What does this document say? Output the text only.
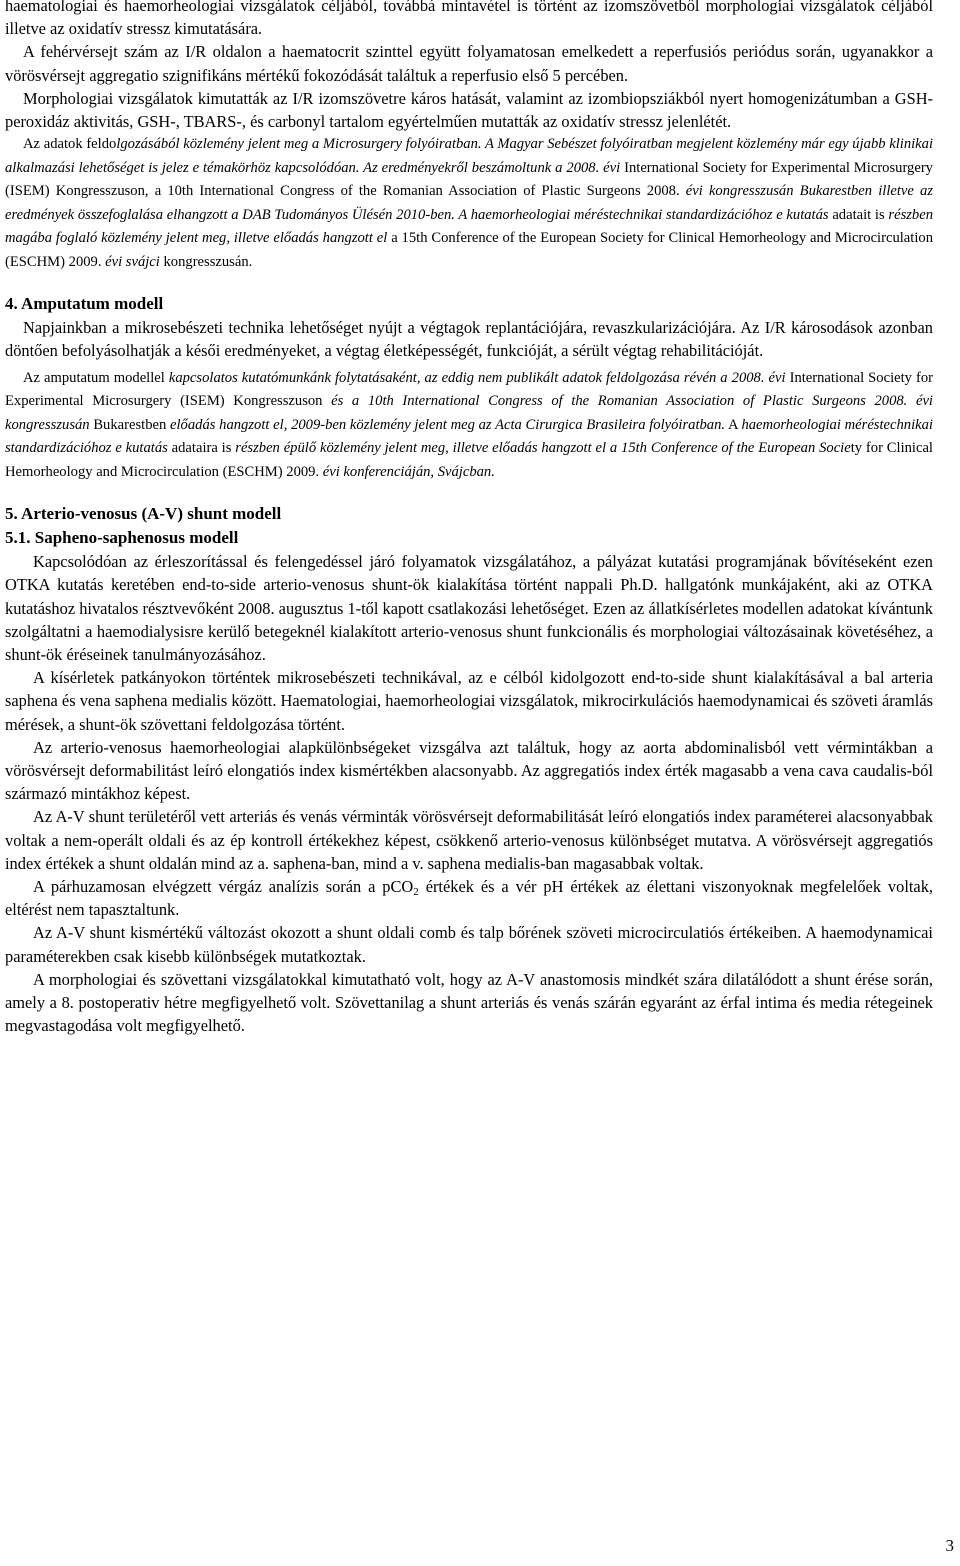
haematologiai és haemorheologiai vizsgálatok céljából, továbbá mintavétel is történt az izomszövetből morphologiai vizsgálatok céljából illetve az oxidatív stressz kimutatására.

A fehérvérsejt szám az I/R oldalon a haematocrit szinttel együtt folyamatosan emelkedett a reperfusiós periódus során, ugyanakkor a vörösvérsejt aggregatio szignifikáns mértékű fokozódását találtuk a reperfusio első 5 percében.

Morphologiai vizsgálatok kimutatták az I/R izomszövetre káros hatását, valamint az izombiopsziákból nyert homogenizátumban a GSH-peroxidáz aktivitás, GSH-, TBARS-, és carbonyl tartalom egyértelműen mutatták az oxidatív stressz jelenlétét.

Az adatok feldolgozásából közlemény jelent meg a Microsurgery folyóiratban. A Magyar Sebészet folyóiratban megjelent közlemény már egy újabb klinikai alkalmazási lehetőséget is jelez e témakörhöz kapcsolódóan. Az eredményekről beszámoltunk a 2008. évi International Society for Experimental Microsurgery (ISEM) Kongresszuson, a 10th International Congress of the Romanian Association of Plastic Surgeons 2008. évi kongresszusán Bukarestben illetve az eredmények összefoglalása elhangzott a DAB Tudományos Ülésén 2010-ben. A haemorheologiai méréstechnikai standardizációhoz e kutatás adatait is részben magába foglaló közlemény jelent meg, illetve előadás hangzott el a 15th Conference of the European Society for Clinical Hemorheology and Microcirculation (ESCHM) 2009. évi svájci kongresszusán.

4. Amputatum modell

Napjainkban a mikrosebészeti technika lehetőséget nyújt a végtagok replantációjára, revaszkularizációjára. Az I/R károsodások azonban döntően befolyásolhatják a késői eredményeket, a végtag életképességét, funkcióját, a sérült végtag rehabilitációját.

Az amputatum modellel kapcsolatos kutatómunkánk folytatásaként, az eddig nem publikált adatok feldolgozása révén a 2008. évi International Society for Experimental Microsurgery (ISEM) Kongresszuson és a 10th International Congress of the Romanian Association of Plastic Surgeons 2008. évi kongresszusán Bukarestben előadás hangzott el, 2009-ben közlemény jelent meg az Acta Cirurgica Brasileira folyóiratban. A haemorheologiai méréstechnikai standardizációhoz e kutatás adataira is részben épülő közlemény jelent meg, illetve előadás hangzott el a 15th Conference of the European Society for Clinical Hemorheology and Microcirculation (ESCHM) 2009. évi konferenciáján, Svájcban.

5. Arterio-venosus (A-V) shunt modell
5.1. Sapheno-saphenosus modell

Kapcsolódóan az érleszorítással és felengedéssel járó folyamatok vizsgálatához, a pályázat kutatási programjának bővítéseként ezen OTKA kutatás keretében end-to-side arterio-venosus shunt-ök kialakítása történt nappali Ph.D. hallgatónk munkájaként, aki az OTKA kutatáshoz hivatalos résztvevőként 2008. augusztus 1-től kapott csatlakozási lehetőséget. Ezen az állatkísérletes modellen adatokat kívántunk szolgáltatni a haemodialysisre kerülő betegeknél kialakított arterio-venosus shunt funkcionális és morphologiai változásainak követéséhez, a shunt-ök éréseinek tanulmányozásához.

A kísérletek patkányokon történtek mikrosebészeti technikával, az e célból kidolgozott end-to-side shunt kialakításával a bal arteria saphena és vena saphena medialis között. Haematologiai, haemorheologiai vizsgálatok, mikrocirkulációs haemodynamicai és szöveti áramlás mérések, a shunt-ök szövettani feldolgozása történt.

Az arterio-venosus haemorheologiai alapkülönbségeket vizsgálva azt találtuk, hogy az aorta abdominalisból vett vérmintákban a vörösvérsejt deformabilitást leíró elongatiós index kismértékben alacsonyabb. Az aggregatiós index érték magasabb a vena cava caudalis-ból származó mintákhoz képest.

Az A-V shunt területéről vett arteriás és venás vérminták vörösvérsejt deformabilitását leíró elongatiós index paraméterei alacsonyabbak voltak a nem-operált oldali és az ép kontroll értékekhez képest, csökkenő arterio-venosus különbséget mutatva. A vörösvérsejt aggregatiós index értékek a shunt oldalán mind az a. saphena-ban, mind a v. saphena medialis-ban magasabbak voltak.

A párhuzamosan elvégzett vérgáz analízis során a pCO$_2$ értékek és a vér pH értékek az élettani viszonyoknak megfelelőek voltak, eltérést nem tapasztaltunk.

Az A-V shunt kismértékű változást okozott a shunt oldali comb és talp bőrének szöveti microcirculatiós értékeiben. A haemodynamicai paraméterekben csak kisebb különbségek mutatkoztak.

A morphologiai és szövettani vizsgálatokkal kimutatható volt, hogy az A-V anastomosis mindkét szára dilatálódott a shunt érése során, amely a 8. postoperativ hétre megfigyelhető volt. Szövettanilag a shunt arteriás és venás szárán egyaránt az érfal intima és media rétegeinek megvastagodása volt megfigyelhető.

3
